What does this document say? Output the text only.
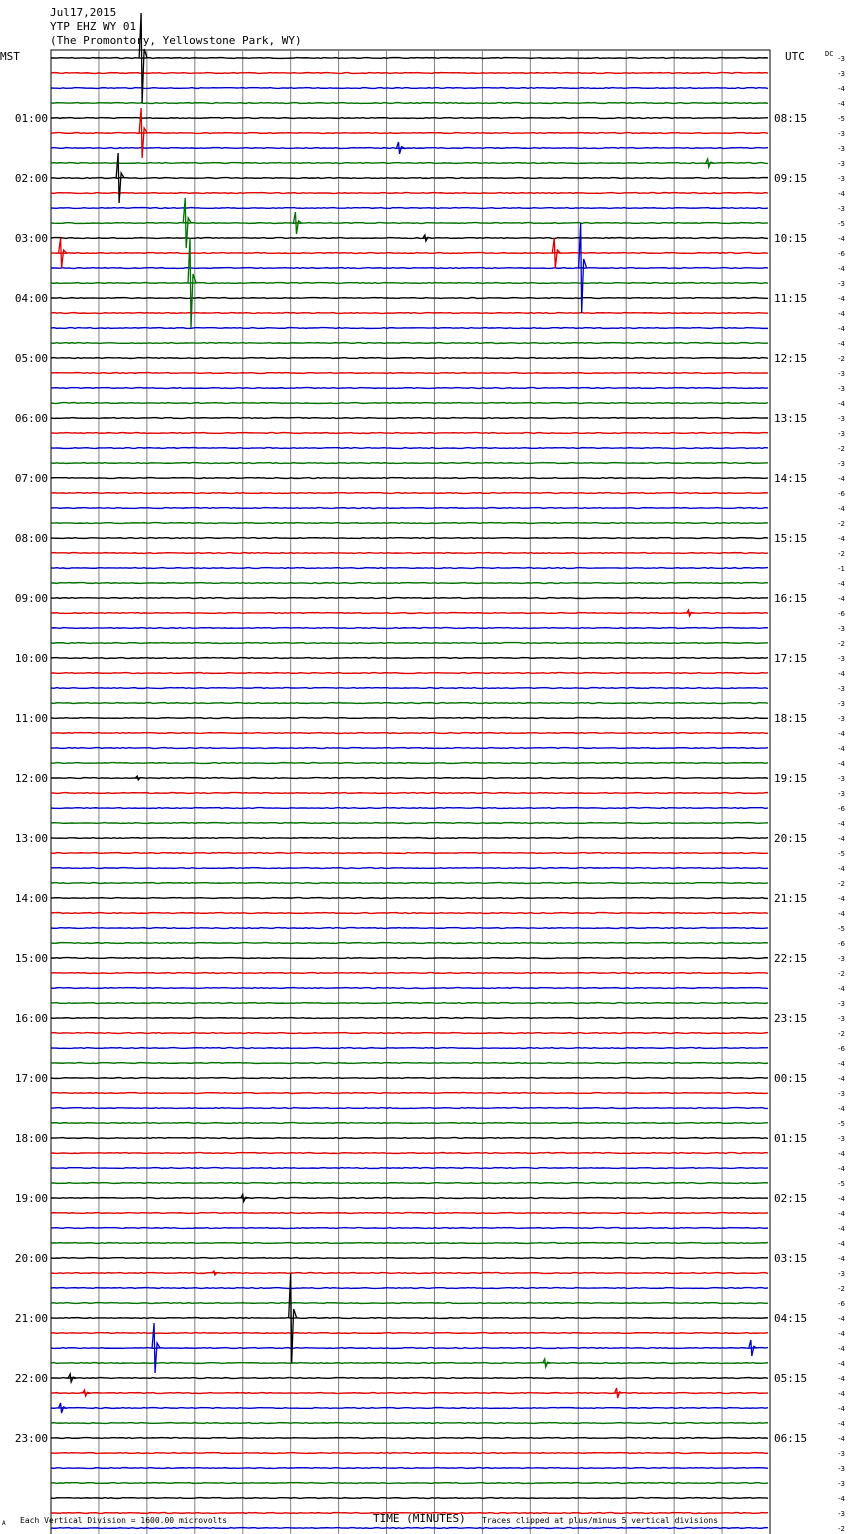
Jul17,2015
YTP EHZ WY 01
(The Promontory, Yellowstone Park, WY)
MST	UTC	DC
01:00
02:00
03:00
04:00
05:00
06:00
07:00
08:00
09:00
10:00
11:00
12:00
13:00
14:00
15:00
16:00
17:00
18:00
19:00
20:00
21:00
22:00
23:00
08:15
09:15
10:15
11:15
12:15
13:15
14:15
15:15
16:15
17:15
18:15
19:15
20:15
21:15
22:15
23:15
00:15
01:15
02:15
03:15
04:15
05:15
06:15
-3
-3
-4
-4
-5
-3
-3
-3
-3
-4
-3
-5
-4
-6
-4
-3
-4
-4
-4
-4
-2
-3
-3
-4
-3
-3
-2
-3
-4
-6
-4
-2
-4
-2
-1
-4
-4
-6
-3
-2
-3
-4
-3
-3
-3
-4
-4
-4
-3
-3
-6
-4
-4
-5
-4
-2
-4
-4
-5
-6
-3
-2
-4
-3
-3
-2
-6
-4
-4
-3
-4
-5
-3
-4
-4
-5
-4
-4
-4
-4
-4
-3
-2
-6
-4
-4
-4
-4
-4
-4
-4
-4
-4
-3
-3
-3
-4
-3
-2
A Each Vertical Division = 1600.00 microvolts	TIME (MINUTES) Traces clipped at plus/minus 5 vertical divisions
